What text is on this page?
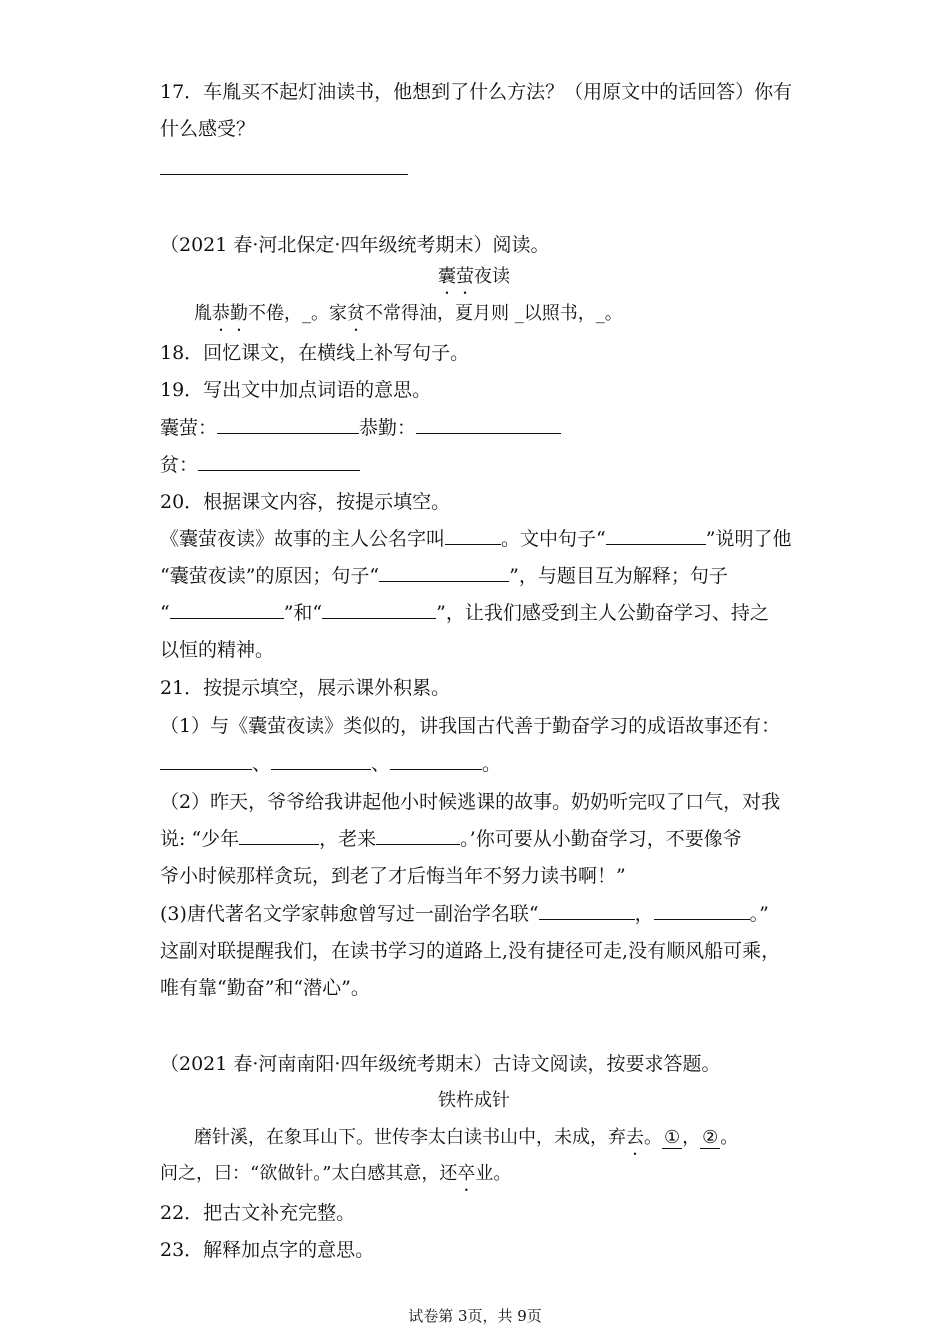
17．车胤买不起灯油读书，他想到了什么方法？（用原文中的话回答）你有
什么感受？
（2021 春·河北保定·四年级统考期末）阅读。
囊萤夜读
胤恭勤不倦，_。家贫不常得油，夏月则 _以照书，_。
18．回忆课文，在横线上补写句子。
19．写出文中加点词语的意思。
囊萤：	恭勤：
贫：
20．根据课文内容，按提示填空。
《囊萤夜读》故事的主人公名字叫	。文中句子“	”说明了他
“囊萤夜读”的原因；句子“	”，与题目互为解释；句子
“	”和“	”，让我们感受到主人公勤奋学习、持之
以恒的精神。
21．按提示填空，展示课外积累。
（1）与《囊萤夜读》类似的，讲我国古代善于勤奋学习的成语故事还有：
、	、	。
（2）昨天，爷爷给我讲起他小时候逃课的故事。奶奶听完叹了口气，对我
说: “少年	，老来	。’你可要从小勤奋学习，不要像爷
爷小时候那样贪玩，到老了才后悔当年不努力读书啊！”
(3)唐代著名文学家韩愈曾写过一副治学名联“	，	。”
这副对联提醒我们，在读书学习的道路上,没有捷径可走,没有顺风船可乘，
唯有靠“勤奋”和“潜心”。
（2021 春·河南南阳·四年级统考期末）古诗文阅读，按要求答题。
铁杵成针
磨针溪，在象耳山下。世传李太白读书山中，未成，弃去。 ① ， ② 。
问之，曰：“欲做针。”太白感其意，还卒业。
22．把古文补充完整。
23．解释加点字的意思。
试卷第 3页，共 9页
